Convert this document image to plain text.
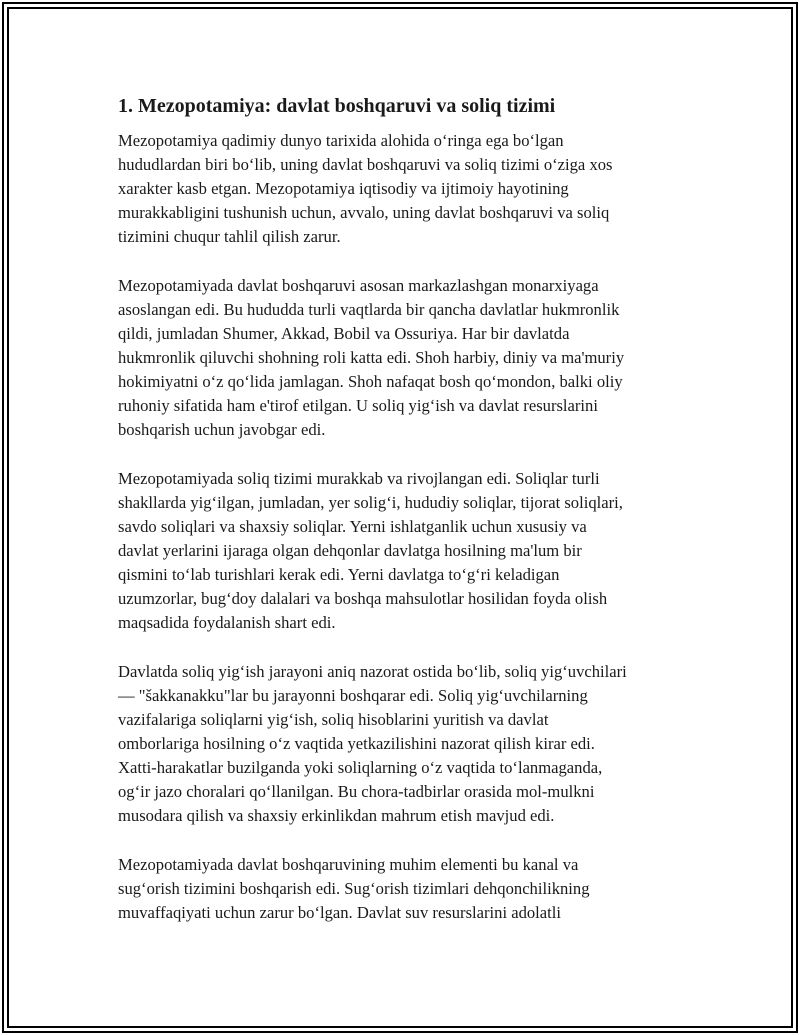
1. Mezopotamiya: davlat boshqaruvi va soliq tizimi

Mezopotamiya qadimiy dunyo tarixida alohida o‘ringa ega bo‘lgan
hududlardan biri bo‘lib, uning davlat boshqaruvi va soliq tizimi o‘ziga xos
xarakter kasb etgan. Mezopotamiya iqtisodiy va ijtimoiy hayotining
murakkabligini tushunish uchun, avvalo, uning davlat boshqaruvi va soliq
tizimini chuqur tahlil qilish zarur.

Mezopotamiyada davlat boshqaruvi asosan markazlashgan monarxiyaga
asoslangan edi. Bu hududda turli vaqtlarda bir qancha davlatlar hukmronlik
qildi, jumladan Shumer, Akkad, Bobil va Ossuriya. Har bir davlatda
hukmronlik qiluvchi shohning roli katta edi. Shoh harbiy, diniy va ma'muriy
hokimiyatni o‘z qo‘lida jamlagan. Shoh nafaqat bosh qo‘mondon, balki oliy
ruhoniy sifatida ham e'tirof etilgan. U soliq yig‘ish va davlat resurslarini
boshqarish uchun javobgar edi.

Mezopotamiyada soliq tizimi murakkab va rivojlangan edi. Soliqlar turli
shakllarda yig‘ilgan, jumladan, yer solig‘i, hududiy soliqlar, tijorat soliqlari,
savdo soliqlari va shaxsiy soliqlar. Yerni ishlatganlik uchun xususiy va
davlat yerlarini ijaraga olgan dehqonlar davlatga hosilning ma'lum bir
qismini to‘lab turishlari kerak edi. Yerni davlatga to‘g‘ri keladigan
uzumzorlar, bug‘doy dalalari va boshqa mahsulotlar hosilidan foyda olish
maqsadida foydalanish shart edi.

Davlatda soliq yig‘ish jarayoni aniq nazorat ostida bo‘lib, soliq yig‘uvchilari
— "šakkanakku"lar bu jarayonni boshqarar edi. Soliq yig‘uvchilarning
vazifalariga soliqlarni yig‘ish, soliq hisoblarini yuritish va davlat
omborlariga hosilning o‘z vaqtida yetkazilishini nazorat qilish kirar edi.
Xatti-harakatlar buzilganda yoki soliqlarning o‘z vaqtida to‘lanmaganda,
og‘ir jazo choralari qo‘llanilgan. Bu chora-tadbirlar orasida mol-mulkni
musodara qilish va shaxsiy erkinlikdan mahrum etish mavjud edi.

Mezopotamiyada davlat boshqaruvining muhim elementi bu kanal va
sug‘orish tizimini boshqarish edi. Sug‘orish tizimlari dehqonchilikning
muvaffaqiyati uchun zarur bo‘lgan. Davlat suv resurslarini adolatli
